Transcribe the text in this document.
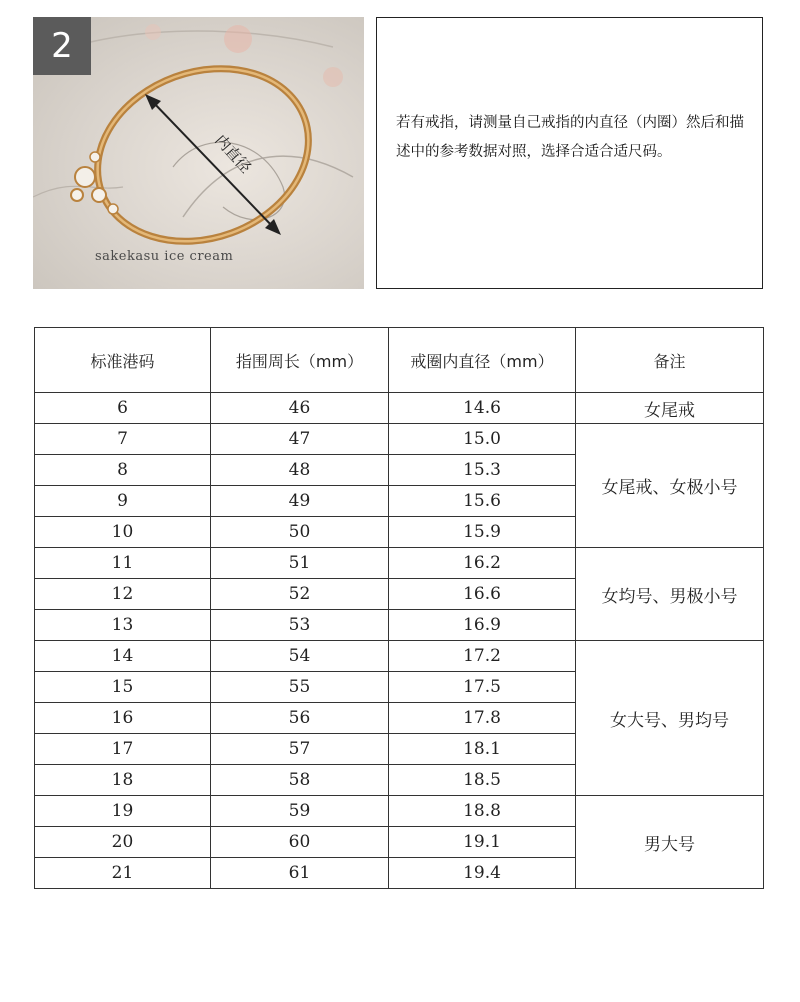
内直径
2
sakekasu ice cream
若有戒指，请测量自己戒指的内直径（内圈）然后和描述中的参考数据对照，选择合适合适尺码。
标准港码	指围周长（mm）	戒圈内直径（mm）	备注
6	46	14.6	女尾戒
7	47	15.0	女尾戒、女极小号
8	48	15.3	
9	49	15.6	
10	50	15.9	
11	51	16.2	女均号、男极小号
12	52	16.6	
13	53	16.9	
14	54	17.2	女大号、男均号
15	55	17.5	
16	56	17.8	
17	57	18.1	
18	58	18.5	
19	59	18.8	男大号
20	60	19.1	
21	61	19.4	
